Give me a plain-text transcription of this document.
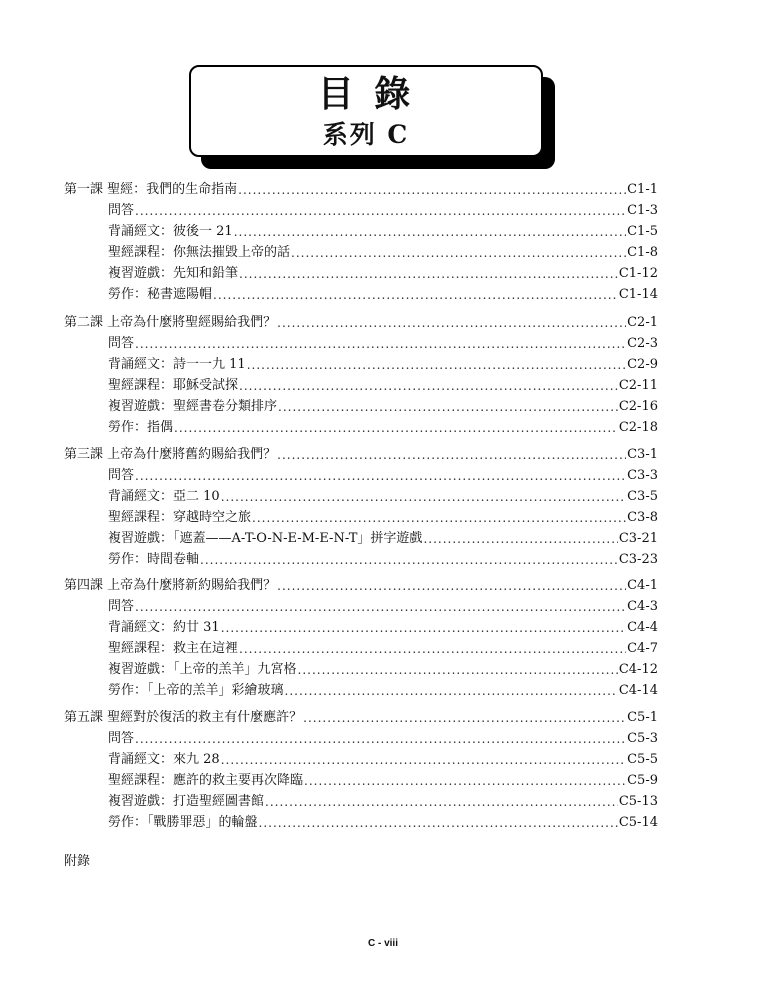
目 錄
系列 C
第一課 聖經：我們的生命指南 .....	C1-1
問答 .....	C1-3
背誦經文：彼後一 21 .....	C1-5
聖經課程：你無法摧毀上帝的話 .....	C1-8
複習遊戲：先知和鉛筆 .....	C1-12
勞作：秘書遮陽帽 .....	C1-14
第二課 上帝為什麼將聖經賜給我們？ .....	C2-1
問答 .....	C2-3
背誦經文：詩一一九 11 .....	C2-9
聖經課程：耶穌受試探 .....	C2-11
複習遊戲：聖經書卷分類排序 .....	C2-16
勞作：指偶 .....	C2-18
第三課 上帝為什麼將舊約賜給我們？ .....	C3-1
問答 .....	C3-3
背誦經文：亞二 10 .....	C3-5
聖經課程：穿越時空之旅 .....	C3-8
複習遊戲：「遮蓋——A-T-O-N-E-M-E-N-T」拼字遊戲 .....	C3-21
勞作：時間卷軸 .....	C3-23
第四課 上帝為什麼將新約賜給我們？ .....	C4-1
問答 .....	C4-3
背誦經文：約廿 31 .....	C4-4
聖經課程：救主在這裡 .....	C4-7
複習遊戲：「上帝的羔羊」九宮格 .....	C4-12
勞作：「上帝的羔羊」彩繪玻璃 .....	C4-14
第五課 聖經對於復活的救主有什麼應許？ .....	C5-1
問答 .....	C5-3
背誦經文：來九 28 .....	C5-5
聖經課程：應許的救主要再次降臨 .....	C5-9
複習遊戲：打造聖經圖書館 .....	C5-13
勞作：「戰勝罪惡」的輪盤 .....	C5-14
附錄
C - viii
